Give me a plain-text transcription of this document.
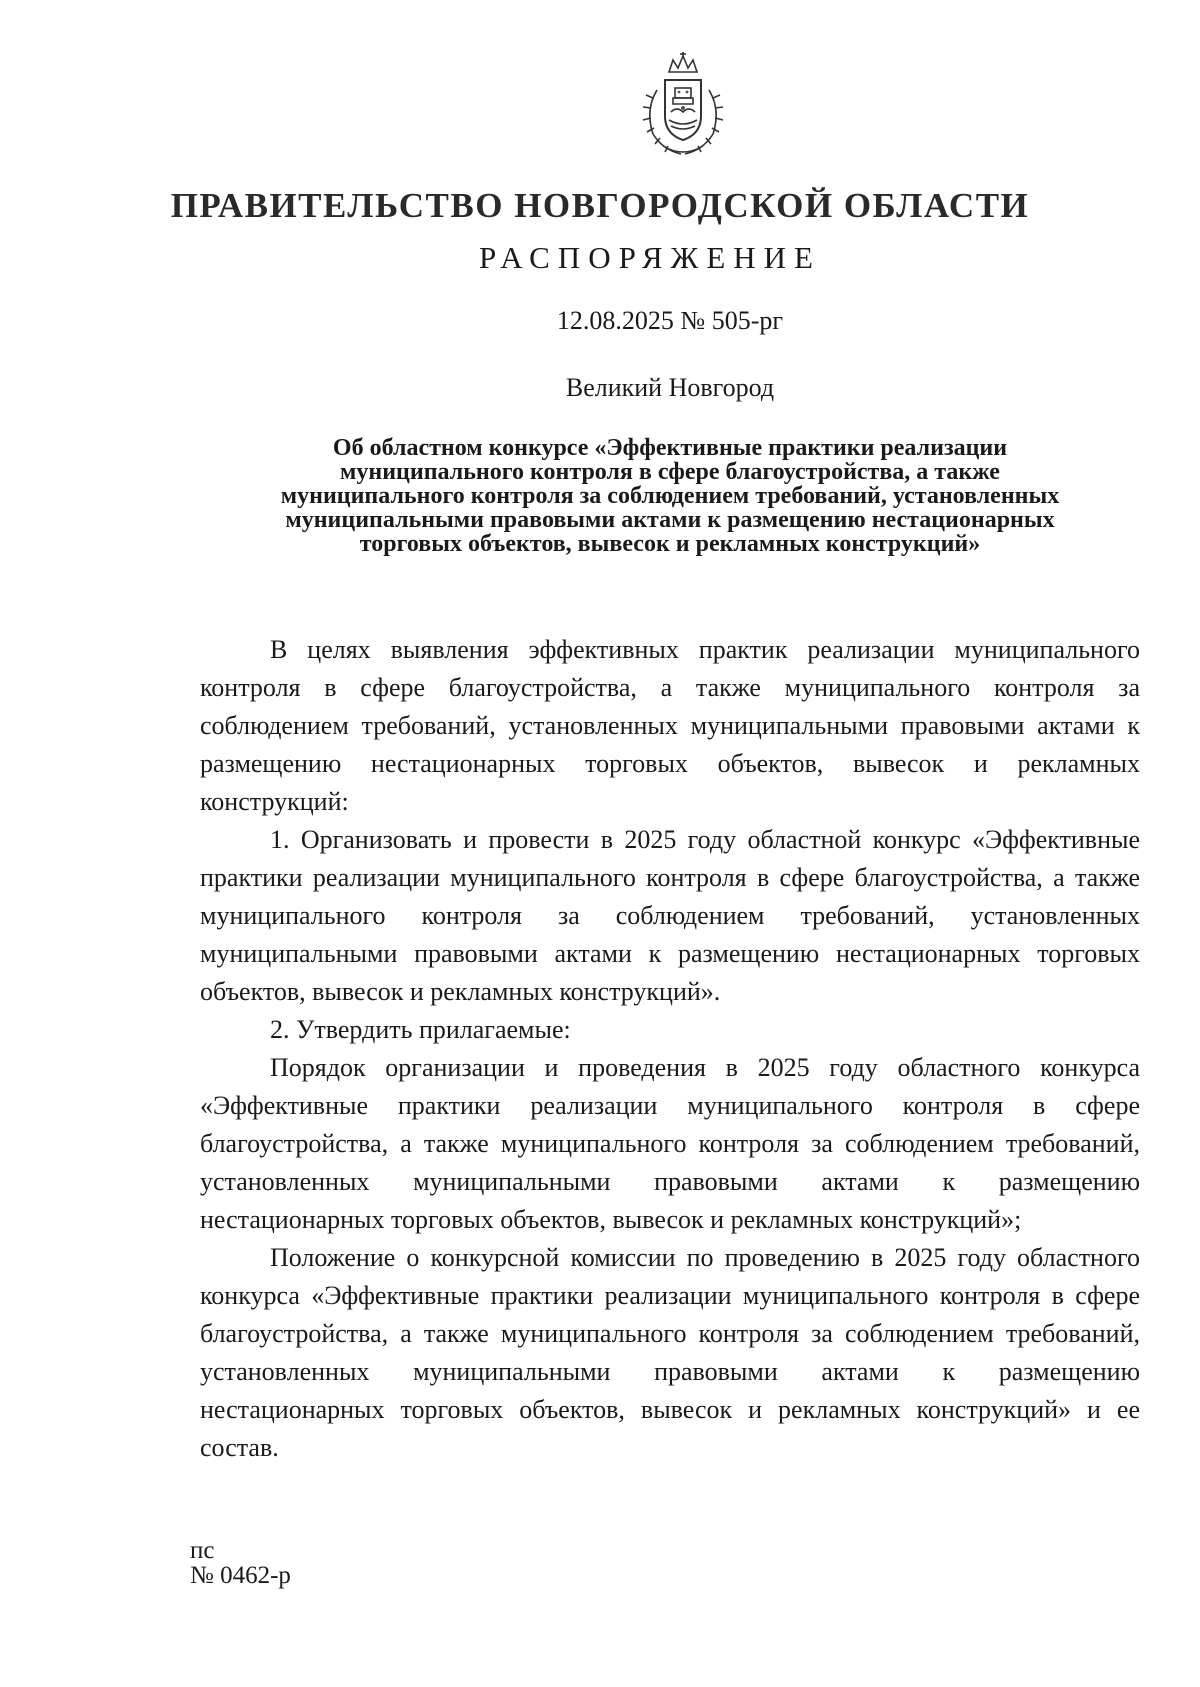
ПРАВИТЕЛЬСТВО НОВГОРОДСКОЙ ОБЛАСТИ
РАСПОРЯЖЕНИЕ
12.08.2025 № 505-рг
Великий Новгород
Об областном конкурсе «Эффективные практики реализации
муниципального контроля в сфере благоустройства, а также
муниципального контроля за соблюдением требований, установленных
муниципальными правовыми актами к размещению нестационарных
торговых объектов, вывесок и рекламных конструкций»

В целях выявления эффективных практик реализации муниципального контроля в сфере благоустройства, а также муниципального контроля за соблюдением требований, установленных муниципальными правовыми актами к размещению нестационарных торговых объектов, вывесок и рекламных конструкций:

1. Организовать и провести в 2025 году областной конкурс «Эффективные практики реализации муниципального контроля в сфере благоустройства, а также муниципального контроля за соблюдением требований, установленных муниципальными правовыми актами к размещению нестационарных торговых объектов, вывесок и рекламных конструкций».

2. Утвердить прилагаемые:

Порядок организации и проведения в 2025 году областного конкурса «Эффективные практики реализации муниципального контроля в сфере благоустройства, а также муниципального контроля за соблюдением требований, установленных муниципальными правовыми актами к размещению нестационарных торговых объектов, вывесок и рекламных конструкций»;

Положение о конкурсной комиссии по проведению в 2025 году областного конкурса «Эффективные практики реализации муниципального контроля в сфере благоустройства, а также муниципального контроля за соблюдением требований, установленных муниципальными правовыми актами к размещению нестационарных торговых объектов, вывесок и рекламных конструкций» и ее состав.

пс
№ 0462-р
